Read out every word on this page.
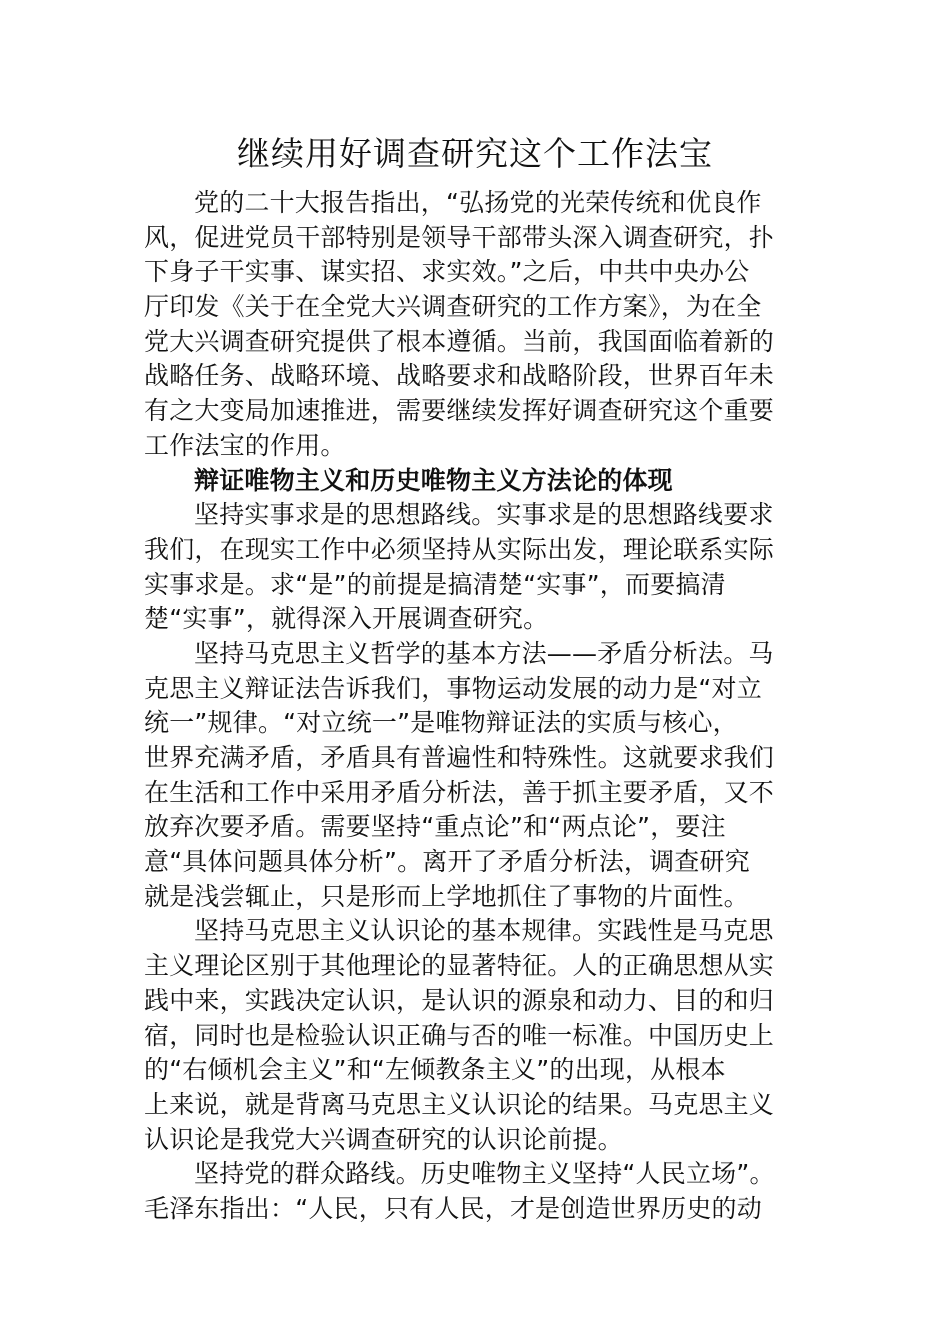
继续用好调查研究这个工作法宝
党的二十大报告指出，“弘扬党的光荣传统和优良作
风，促进党员干部特别是领导干部带头深入调查研究，扑
下身子干实事、谋实招、求实效。”之后，中共中央办公
厅印发《关于在全党大兴调查研究的工作方案》，为在全
党大兴调查研究提供了根本遵循。当前，我国面临着新的
战略任务、战略环境、战略要求和战略阶段，世界百年未
有之大变局加速推进，需要继续发挥好调查研究这个重要
工作法宝的作用。
辩证唯物主义和历史唯物主义方法论的体现
坚持实事求是的思想路线。实事求是的思想路线要求
我们，在现实工作中必须坚持从实际出发，理论联系实际
实事求是。求“是”的前提是搞清楚“实事”，而要搞清
楚“实事”，就得深入开展调查研究。
坚持马克思主义哲学的基本方法——矛盾分析法。马
克思主义辩证法告诉我们，事物运动发展的动力是“对立
统一”规律。“对立统一”是唯物辩证法的实质与核心，
世界充满矛盾，矛盾具有普遍性和特殊性。这就要求我们
在生活和工作中采用矛盾分析法，善于抓主要矛盾，又不
放弃次要矛盾。需要坚持“重点论”和“两点论”，要注
意“具体问题具体分析”。离开了矛盾分析法，调查研究
就是浅尝辄止，只是形而上学地抓住了事物的片面性。
坚持马克思主义认识论的基本规律。实践性是马克思
主义理论区别于其他理论的显著特征。人的正确思想从实
践中来，实践决定认识，是认识的源泉和动力、目的和归
宿，同时也是检验认识正确与否的唯一标准。中国历史上
的“右倾机会主义”和“左倾教条主义”的出现，从根本
上来说，就是背离马克思主义认识论的结果。马克思主义
认识论是我党大兴调查研究的认识论前提。
坚持党的群众路线。历史唯物主义坚持“人民立场”。
毛泽东指出：“人民，只有人民，才是创造世界历史的动
